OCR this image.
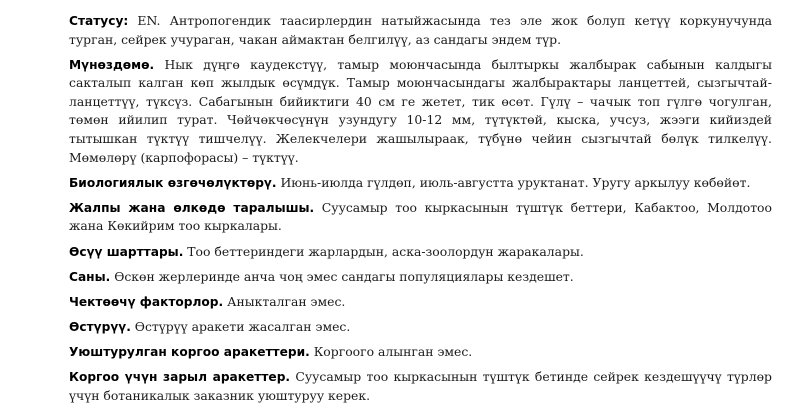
Статусу: EN. Антропогендик таасирлердин натыйжасында тез эле жок болуп кетүү коркунучунда турган, сейрек учураган, чакан аймактан белгилүү, аз сандагы эндем түр.

Мүнөздөмө. Нык дүңгө каудекстүү, тамыр моюнчасында былтыркы жалбырак сабынын калдыгы сакталып калган көп жылдык өсүмдүк. Тамыр моюнчасындагы жалбырактары ланцеттей, сызгычтай-ланцеттүү, түксүз. Сабагынын бийиктиги 40 см ге жетет, тик өсөт. Гүлү – чачык топ гүлгө чогулган, төмөн ийилип турат. Чөйчөкчөсүнүн узундугу 10-12 мм, түтүктөй, кыска, учсуз, жээги кийиздей тытышкан түктүү тишчелүү. Желекчелери жашылыраак, түбүнө чейин сызгычтай бөлүк тилкелүү. Мөмөлөрү (карпофорасы) – түктүү.

Биологиялык өзгөчөлүктөрү. Июнь-июлда гүлдөп, июль-августта уруктанат. Уругу аркылуу көбөйөт.

Жалпы жана өлкөдө таралышы. Суусамыр тоо кыркасынын түштүк беттери, Кабактоо, Молдотоо жана Көкийрим тоо кыркалары.

Өсүү шарттары. Тоо беттериндеги жарлардын, аска-зоолордун жаракалары.

Саны. Өскөн жерлеринде анча чоң эмес сандагы популяциялары кездешет.

Чектөөчү факторлор. Аныкталган эмес.

Өстүрүү. Өстүрүү аракети жасалган эмес.

Уюштурулган коргоо аракеттери. Коргоого алынган эмес.

Коргоо үчүн зарыл аракеттер. Суусамыр тоо кыркасынын түштүк бетинде сейрек кездешүүчү түрлөр үчүн ботаникалык заказник уюштуруу керек.
